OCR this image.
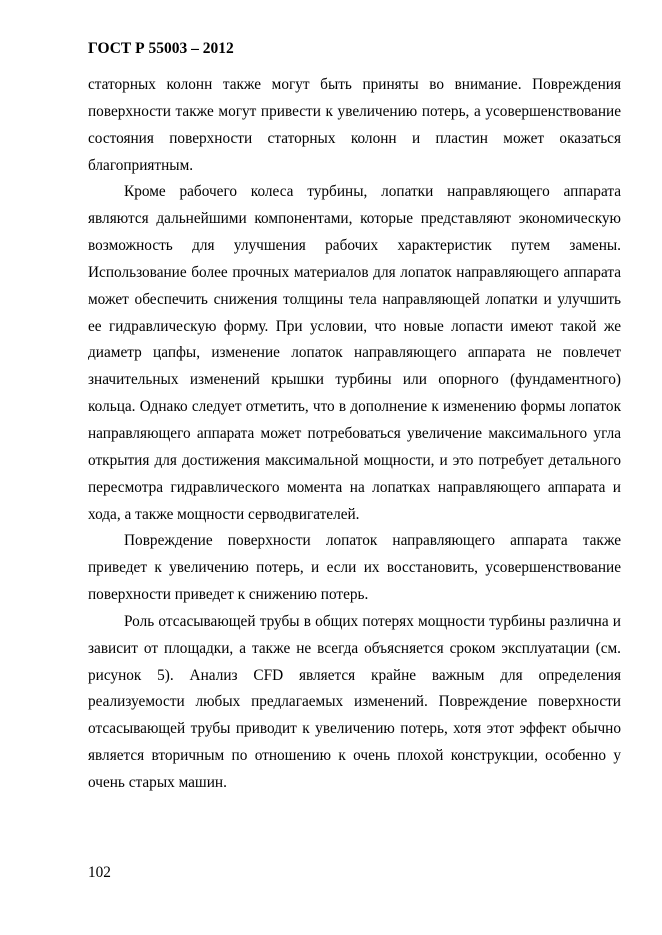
ГОСТ Р 55003 – 2012

статорных колонн также могут быть приняты во внимание. Повреждения поверхности также могут привести к увеличению потерь, а усовершенствование состояния поверхности статорных колонн и пластин может оказаться благоприятным.

Кроме рабочего колеса турбины, лопатки направляющего аппарата являются дальнейшими компонентами, которые представляют экономическую возможность для улучшения рабочих характеристик путем замены. Использование более прочных материалов для лопаток направляющего аппарата может обеспечить снижения толщины тела направляющей лопатки и улучшить ее гидравлическую форму. При условии, что новые лопасти имеют такой же диаметр цапфы, изменение лопаток направляющего аппарата не повлечет значительных изменений крышки турбины или опорного (фундаментного) кольца. Однако следует отметить, что в дополнение к изменению формы лопаток направляющего аппарата может потребоваться увеличение максимального угла открытия для достижения максимальной мощности, и это потребует детального пересмотра гидравлического момента на лопатках направляющего аппарата и хода, а также мощности серводвигателей.

Повреждение поверхности лопаток направляющего аппарата также приведет к увеличению потерь, и если их восстановить, усовершенствование поверхности приведет к снижению потерь.

Роль отсасывающей трубы в общих потерях мощности турбины различна и зависит от площадки, а также не всегда объясняется сроком эксплуатации (см. рисунок 5). Анализ CFD является крайне важным для определения реализуемости любых предлагаемых изменений. Повреждение поверхности отсасывающей трубы приводит к увеличению потерь, хотя этот эффект обычно является вторичным по отношению к очень плохой конструкции, особенно у очень старых машин.

102
